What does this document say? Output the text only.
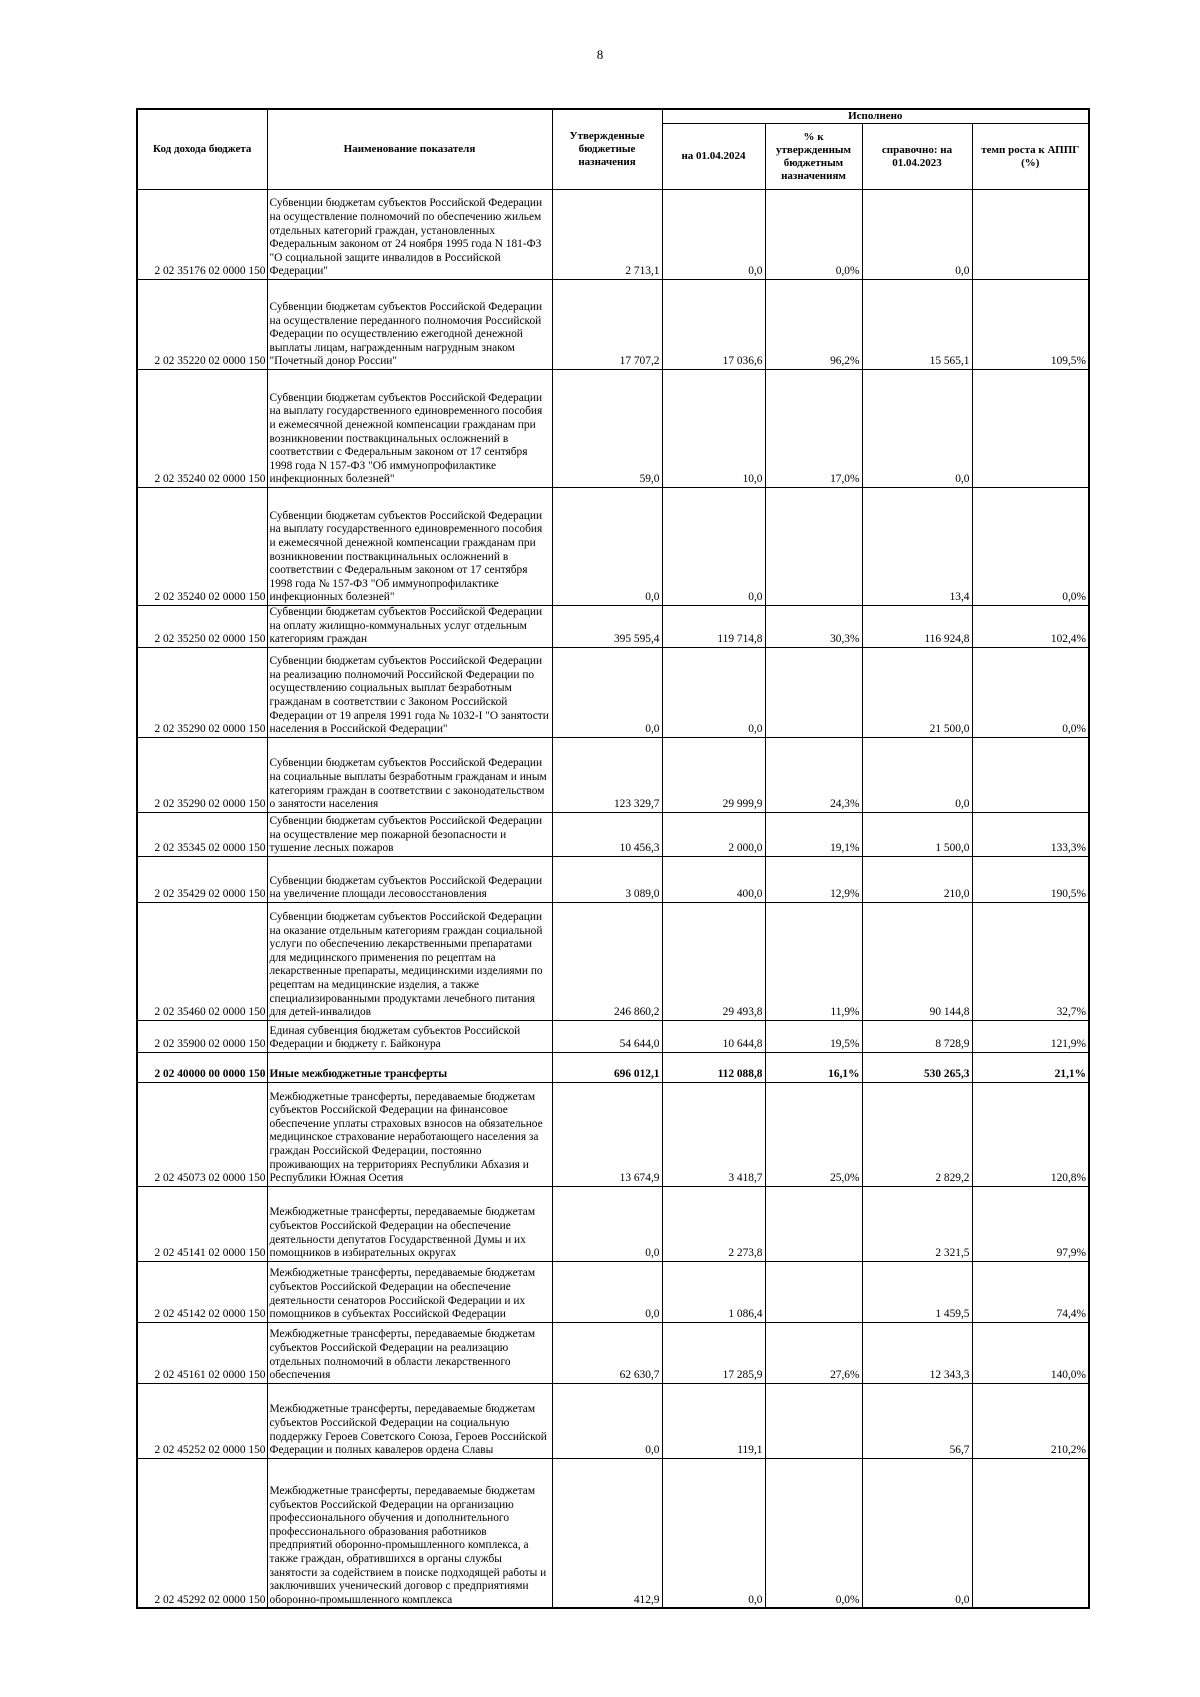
8
Код дохода бюджета	Наименование показателя	Утвержденные бюджетные назначения	Исполнено			
			на 01.04.2024	% к утвержденным бюджетным назначениям	справочно: на 01.04.2023	темп роста к АППГ (%)
2 02 35176 02 0000 150	Субвенции бюджетам субъектов Российской Федерации на осуществление полномочий по обеспечению жильем отдельных категорий граждан, установленных Федеральным законом от 24 ноября 1995 года N 181-ФЗ "О социальной защите инвалидов в Российской Федерации"	2 713,1	0,0	0,0%	0,0	
2 02 35220 02 0000 150	Субвенции бюджетам субъектов Российской Федерации на осуществление переданного полномочия Российской Федерации по осуществлению ежегодной денежной выплаты лицам, награжденным нагрудным знаком "Почетный донор России"	17 707,2	17 036,6	96,2%	15 565,1	109,5%
2 02 35240 02 0000 150	Субвенции бюджетам субъектов Российской Федерации на выплату государственного единовременного пособия и ежемесячной денежной компенсации гражданам при возникновении поствакцинальных осложнений в соответствии с Федеральным законом от 17 сентября 1998 года N 157-ФЗ "Об иммунопрофилактике инфекционных болезней"	59,0	10,0	17,0%	0,0	
2 02 35240 02 0000 150	Субвенции бюджетам субъектов Российской Федерации на выплату государственного единовременного пособия и ежемесячной денежной компенсации гражданам при возникновении поствакцинальных осложнений в соответствии с Федеральным законом от 17 сентября 1998 года № 157-ФЗ "Об иммунопрофилактике инфекционных болезней"	0,0	0,0		13,4	0,0%
2 02 35250 02 0000 150	Субвенции бюджетам субъектов Российской Федерации на оплату жилищно-коммунальных услуг отдельным категориям граждан	395 595,4	119 714,8	30,3%	116 924,8	102,4%
2 02 35290 02 0000 150	Субвенции бюджетам субъектов Российской Федерации на реализацию полномочий Российской Федерации по осуществлению социальных выплат безработным гражданам в соответствии с Законом Российской Федерации от 19 апреля 1991 года № 1032-I "О занятости населения в Российской Федерации"	0,0	0,0		21 500,0	0,0%
2 02 35290 02 0000 150	Субвенции бюджетам субъектов Российской Федерации на социальные выплаты безработным гражданам и иным категориям граждан в соответствии с законодательством о занятости населения	123 329,7	29 999,9	24,3%	0,0	
2 02 35345 02 0000 150	Субвенции бюджетам субъектов Российской Федерации на осуществление мер пожарной безопасности и тушение лесных пожаров	10 456,3	2 000,0	19,1%	1 500,0	133,3%
2 02 35429 02 0000 150	Субвенции бюджетам субъектов Российской Федерации на увеличение площади лесовосстановления	3 089,0	400,0	12,9%	210,0	190,5%
2 02 35460 02 0000 150	Субвенции бюджетам субъектов Российской Федерации на оказание отдельным категориям граждан социальной услуги по обеспечению лекарственными препаратами для медицинского применения по рецептам на лекарственные препараты, медицинскими изделиями по рецептам на медицинские изделия, а также специализированными продуктами лечебного питания для детей-инвалидов	246 860,2	29 493,8	11,9%	90 144,8	32,7%
2 02 35900 02 0000 150	Единая субвенция бюджетам субъектов Российской Федерации и бюджету г. Байконура	54 644,0	10 644,8	19,5%	8 728,9	121,9%
2 02 40000 00 0000 150	Иные межбюджетные трансферты	696 012,1	112 088,8	16,1%	530 265,3	21,1%
2 02 45073 02 0000 150	Межбюджетные трансферты, передаваемые бюджетам субъектов Российской Федерации на финансовое обеспечение уплаты страховых взносов на обязательное медицинское страхование неработающего населения за граждан Российской Федерации, постоянно проживающих на территориях Республики Абхазия и Республики Южная Осетия	13 674,9	3 418,7	25,0%	2 829,2	120,8%
2 02 45141 02 0000 150	Межбюджетные трансферты, передаваемые бюджетам субъектов Российской Федерации на обеспечение деятельности депутатов Государственной Думы и их помощников в избирательных округах	0,0	2 273,8		2 321,5	97,9%
2 02 45142 02 0000 150	Межбюджетные трансферты, передаваемые бюджетам субъектов Российской Федерации на обеспечение деятельности сенаторов Российской Федерации и их помощников в субъектах Российской Федерации	0,0	1 086,4		1 459,5	74,4%
2 02 45161 02 0000 150	Межбюджетные трансферты, передаваемые бюджетам субъектов Российской Федерации на реализацию отдельных полномочий в области лекарственного обеспечения	62 630,7	17 285,9	27,6%	12 343,3	140,0%
2 02 45252 02 0000 150	Межбюджетные трансферты, передаваемые бюджетам субъектов Российской Федерации на социальную поддержку Героев Советского Союза, Героев Российской Федерации и полных кавалеров ордена Славы	0,0	119,1		56,7	210,2%
2 02 45292 02 0000 150	Межбюджетные трансферты, передаваемые бюджетам субъектов Российской Федерации на организацию профессионального обучения и дополнительного профессионального образования работников предприятий оборонно-промышленного комплекса, а также граждан, обратившихся в органы службы занятости за содействием в поиске подходящей работы и заключивших ученический договор с предприятиями оборонно-промышленного комплекса	412,9	0,0	0,0%	0,0	
